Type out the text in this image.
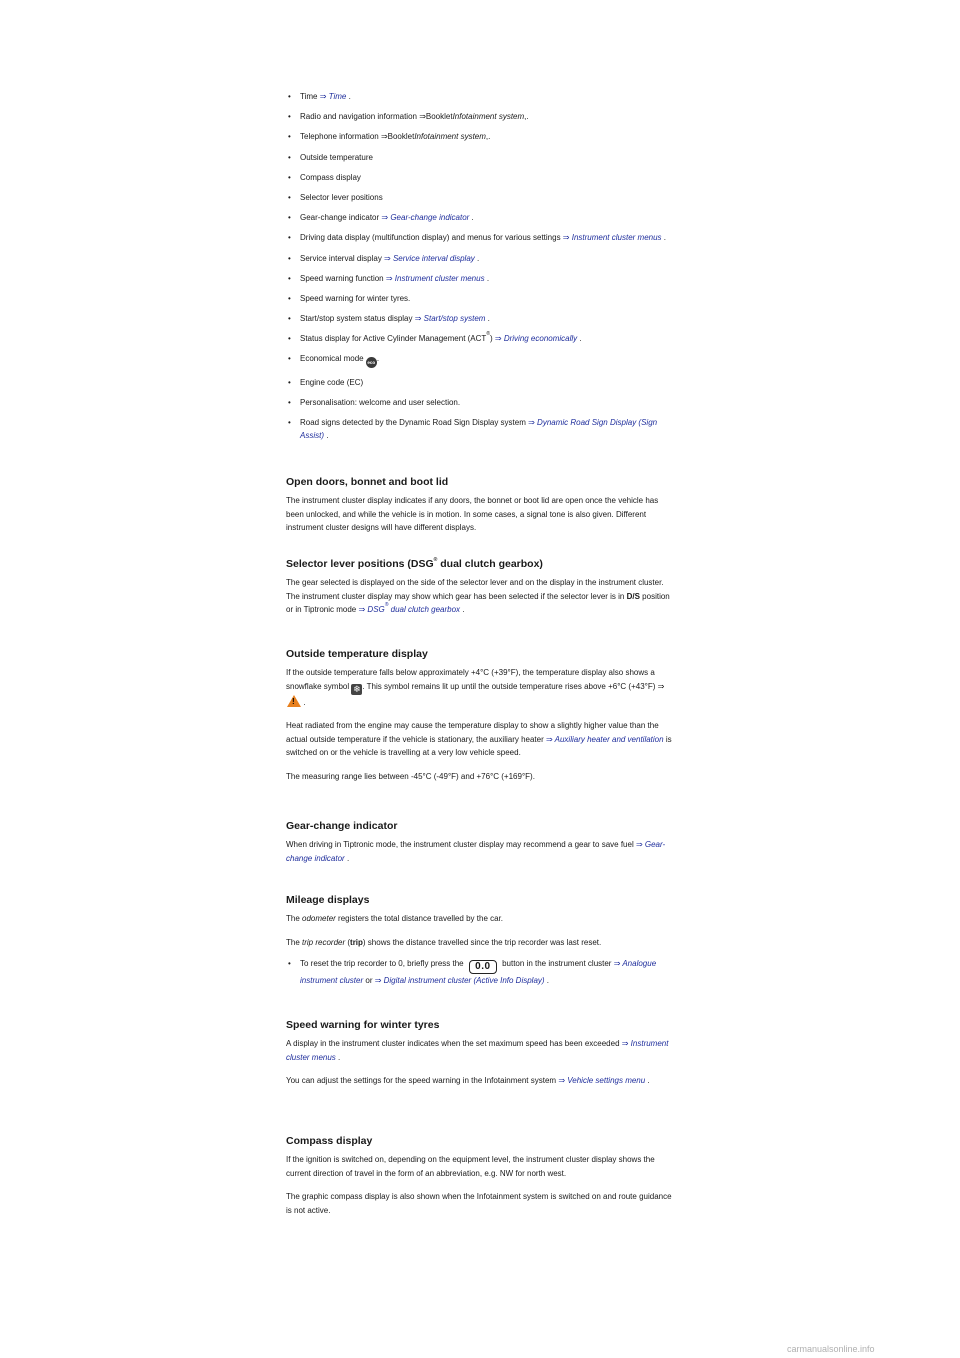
• Time ⇒ Time .
• Radio and navigation information ⇒BookletInfotainment system,.
• Telephone information ⇒BookletInfotainment system,.
• Outside temperature
• Compass display
• Selector lever positions
• Gear-change indicator ⇒ Gear-change indicator .
• Driving data display (multifunction display) and menus for various settings ⇒ Instrument cluster menus .
• Service interval display ⇒ Service interval display .
• Speed warning function ⇒ Instrument cluster menus .
• Speed warning for winter tyres.
• Start/stop system status display ⇒ Start/stop system .
• Status display for Active Cylinder Management (ACT®) ⇒ Driving economically .
• Economical mode eco .
• Engine code (EC)
• Personalisation: welcome and user selection.
• Road signs detected by the Dynamic Road Sign Display system ⇒ Dynamic Road Sign Display (Sign Assist) .
Open doors, bonnet and boot lid

The instrument cluster display indicates if any doors, the bonnet or boot lid are open once the vehicle has been unlocked, and while the vehicle is in motion. In some cases, a signal tone is also given. Different instrument cluster designs will have different displays.

Selector lever positions (DSG® dual clutch gearbox)

The gear selected is displayed on the side of the selector lever and on the display in the instrument cluster. The instrument cluster display may show which gear has been selected if the selector lever is in D/S position or in Tiptronic mode ⇒ DSG® dual clutch gearbox .

Outside temperature display

If the outside temperature falls below approximately +4°C (+39°F), the temperature display also shows a snowflake symbol ❄ . This symbol remains lit up until the outside temperature rises above +6°C (+43°F) ⇒
! .

Heat radiated from the engine may cause the temperature display to show a slightly higher value than the actual outside temperature if the vehicle is stationary, the auxiliary heater ⇒ Auxiliary heater and ventilation is switched on or the vehicle is travelling at a very low vehicle speed.

The measuring range lies between -45°C (-49°F) and +76°C (+169°F).

Gear-change indicator

When driving in Tiptronic mode, the instrument cluster display may recommend a gear to save fuel ⇒ Gear-change indicator .

Mileage displays

The odometer registers the total distance travelled by the car.

The trip recorder (trip) shows the distance travelled since the trip recorder was last reset.

• To reset the trip recorder to 0, briefly press the 0.0 button in the instrument cluster ⇒ Analogue instrument cluster or ⇒ Digital instrument cluster (Active Info Display) .
Speed warning for winter tyres

A display in the instrument cluster indicates when the set maximum speed has been exceeded ⇒ Instrument cluster menus .

You can adjust the settings for the speed warning in the Infotainment system ⇒ Vehicle settings menu .

Compass display

If the ignition is switched on, depending on the equipment level, the instrument cluster display shows the current direction of travel in the form of an abbreviation, e.g. NW for north west.

The graphic compass display is also shown when the Infotainment system is switched on and route guidance is not active.

carmanualsonline.info
